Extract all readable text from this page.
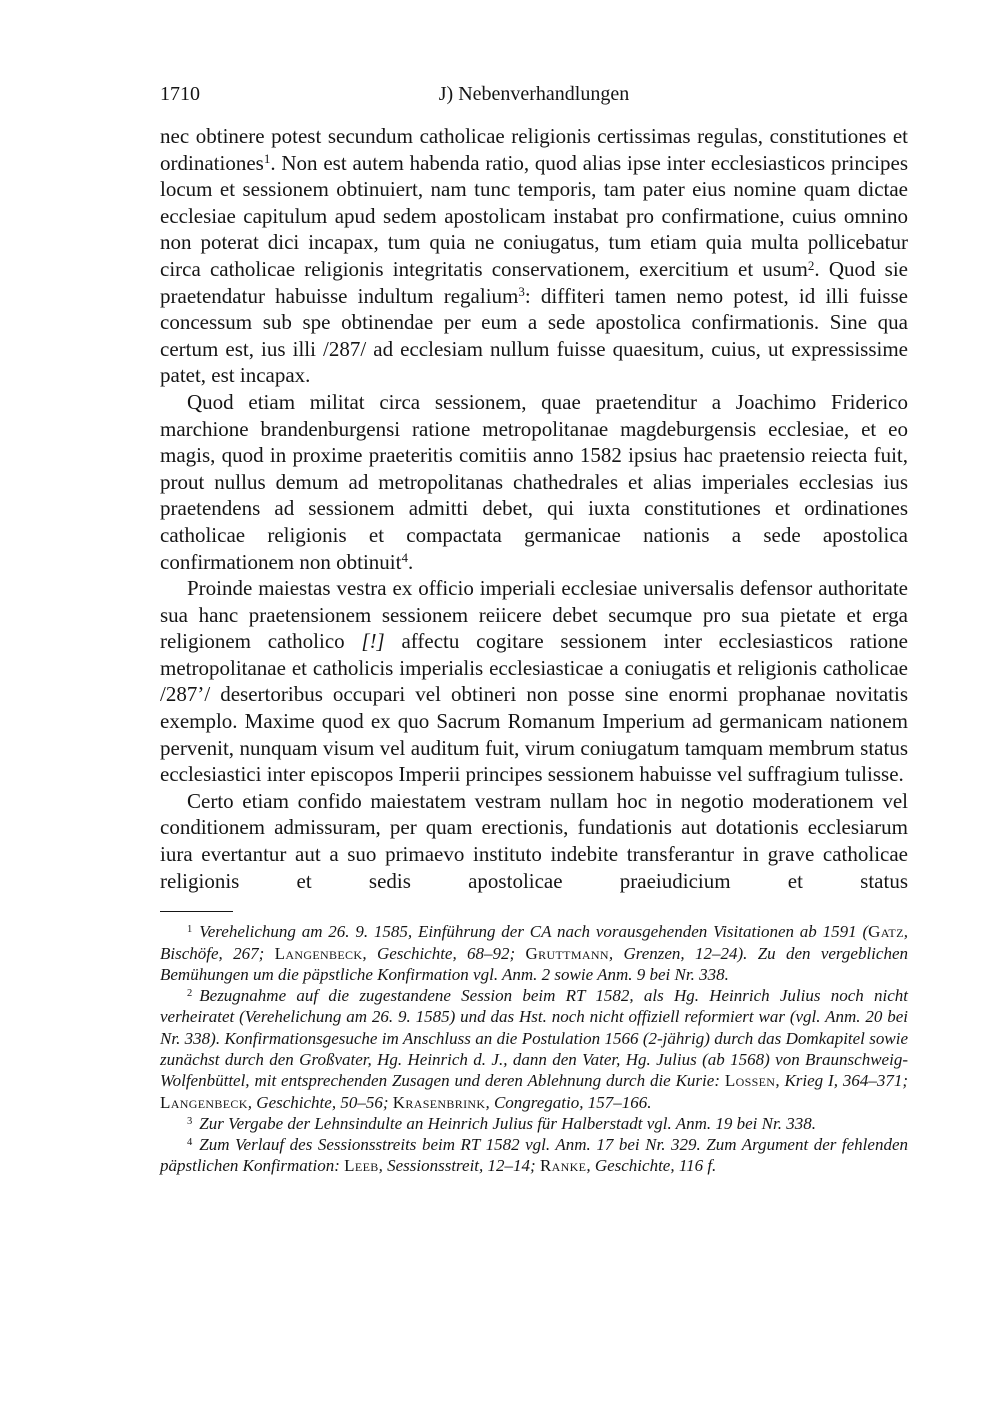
1710	J) Nebenverhandlungen

nec obtinere potest secundum catholicae religionis certissimas regulas, constitutiones et ordinationes$^1$. Non est autem habenda ratio, quod alias ipse inter ecclesiasticos principes locum et sessionem obtinuiert, nam tunc temporis, tam pater eius nomine quam dictae ecclesiae capitulum apud sedem apostolicam instabat pro confirmatione, cuius omnino non poterat dici incapax, tum quia ne coniugatus, tum etiam quia multa pollicebatur circa catholicae religionis integritatis conservationem, exercitium et usum$^2$. Quod sie praetendatur habuisse indultum regalium$^3$: diffiteri tamen nemo potest, id illi fuisse concessum sub spe obtinendae per eum a sede apostolica confirmationis. Sine qua certum est, ius illi /287/ ad ecclesiam nullum fuisse quaesitum, cuius, ut expressissime patet, est incapax.

Quod etiam militat circa sessionem, quae praetenditur a Joachimo Friderico marchione brandenburgensi ratione metropolitanae magdeburgensis ecclesiae, et eo magis, quod in proxime praeteritis comitiis anno 1582 ipsius hac praetensio reiecta fuit, prout nullus demum ad metropolitanas chathedrales et alias imperiales ecclesias ius praetendens ad sessionem admitti debet, qui iuxta constitutiones et ordinationes catholicae religionis et compactata germanicae nationis a sede apostolica confirmationem non obtinuit$^4$.

Proinde maiestas vestra ex officio imperiali ecclesiae universalis defensor authoritate sua hanc praetensionem sessionem reiicere debet secumque pro sua pietate et erga religionem catholico [!] affectu cogitare sessionem inter ecclesiasticos ratione metropolitanae et catholicis imperialis ecclesiasticae a coniugatis et religionis catholicae /287’/ desertoribus occupari vel obtineri non posse sine enormi prophanae novitatis exemplo. Maxime quod ex quo Sacrum Romanum Imperium ad germanicam nationem pervenit, nunquam visum vel auditum fuit, virum coniugatum tamquam membrum status ecclesiastici inter episcopos Imperii principes sessionem habuisse vel suffragium tulisse.

Certo etiam confido maiestatem vestram nullam hoc in negotio moderationem vel conditionem admissuram, per quam erectionis, fundationis aut dotationis ecclesiarum iura evertantur aut a suo primaevo instituto indebite transferantur in grave catholicae religionis et sedis apostolicae praeiudicium et status

$^1$ Verehelichung am 26. 9. 1585, Einführung der CA nach vorausgehenden Visitationen ab 1591 (Gatz, Bischöfe, 267; Langenbeck, Geschichte, 68–92; Gruttmann, Grenzen, 12–24). Zu den vergeblichen Bemühungen um die päpstliche Konfirmation vgl. Anm. 2 sowie Anm. 9 bei Nr. 338.

$^2$ Bezugnahme auf die zugestandene Session beim RT 1582, als Hg. Heinrich Julius noch nicht verheiratet (Verehelichung am 26. 9. 1585) und das Hst. noch nicht offiziell reformiert war (vgl. Anm. 20 bei Nr. 338). Konfirmationsgesuche im Anschluss an die Postulation 1566 (2-jährig) durch das Domkapitel sowie zunächst durch den Großvater, Hg. Heinrich d. J., dann den Vater, Hg. Julius (ab 1568) von Braunschweig-Wolfenbüttel, mit entsprechenden Zusagen und deren Ablehnung durch die Kurie: Lossen, Krieg I, 364–371; Langenbeck, Geschichte, 50–56; Krasenbrink, Congregatio, 157–166.

$^3$ Zur Vergabe der Lehnsindulte an Heinrich Julius für Halberstadt vgl. Anm. 19 bei Nr. 338.

$^4$ Zum Verlauf des Sessionsstreits beim RT 1582 vgl. Anm. 17 bei Nr. 329. Zum Argument der fehlenden päpstlichen Konfirmation: Leeb, Sessionsstreit, 12–14; Ranke, Geschichte, 116 f.
